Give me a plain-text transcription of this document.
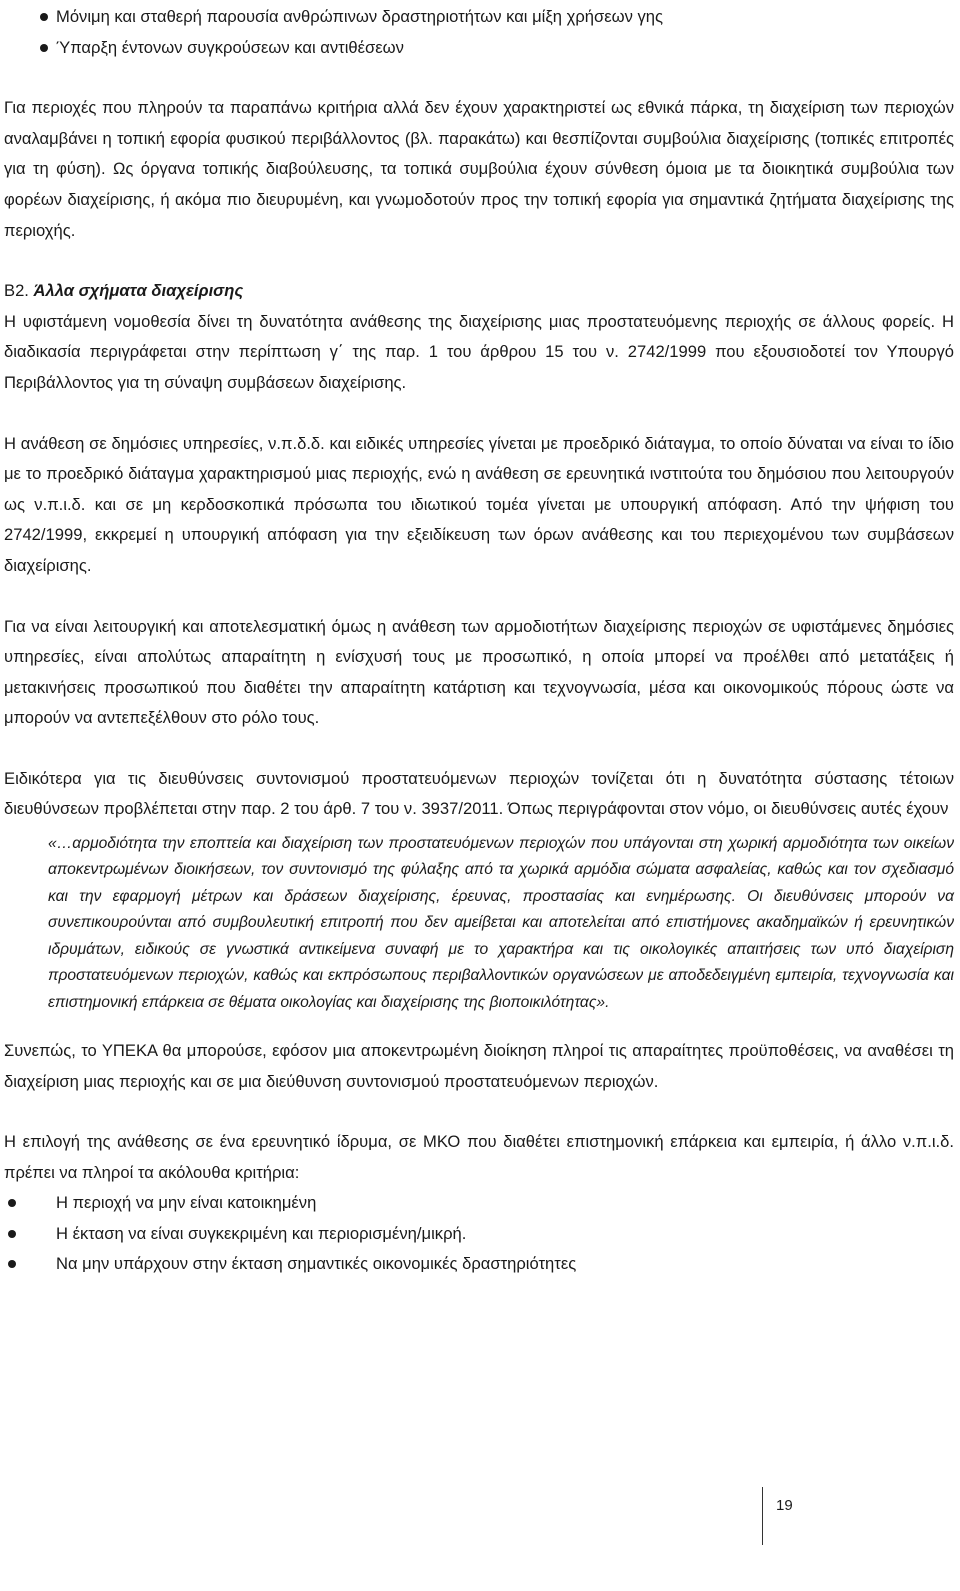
Μόνιμη και σταθερή παρουσία ανθρώπινων δραστηριοτήτων και μίξη χρήσεων γης
Ύπαρξη έντονων συγκρούσεων και αντιθέσεων

Για περιοχές που πληρούν τα παραπάνω κριτήρια αλλά δεν έχουν χαρακτηριστεί ως εθνικά πάρκα, τη διαχείριση των περιοχών αναλαμβάνει η τοπική εφορία φυσικού περιβάλλοντος (βλ. παρακάτω) και θεσπίζονται συμβούλια διαχείρισης (τοπικές επιτροπές για τη φύση). Ως όργανα τοπικής διαβούλευσης, τα τοπικά συμβούλια έχουν σύνθεση όμοια με τα διοικητικά συμβούλια των φορέων διαχείρισης, ή ακόμα πιο διευρυμένη, και γνωμοδοτούν προς την τοπική εφορία για σημαντικά ζητήματα διαχείρισης της περιοχής.

Β2. Άλλα σχήματα διαχείρισης

Η υφιστάμενη νομοθεσία δίνει τη δυνατότητα ανάθεσης της διαχείρισης μιας προστατευόμενης περιοχής σε άλλους φορείς. Η διαδικασία περιγράφεται στην περίπτωση γ΄ της παρ. 1 του άρθρου 15 του ν. 2742/1999 που εξουσιοδοτεί τον Υπουργό Περιβάλλοντος για τη σύναψη συμβάσεων διαχείρισης.

Η ανάθεση σε δημόσιες υπηρεσίες, ν.π.δ.δ. και ειδικές υπηρεσίες γίνεται με προεδρικό διάταγμα, το οποίο δύναται να είναι το ίδιο με το προεδρικό διάταγμα χαρακτηρισμού μιας περιοχής, ενώ η ανάθεση σε ερευνητικά ινστιτούτα του δημόσιου που λειτουργούν ως ν.π.ι.δ. και σε μη κερδοσκοπικά πρόσωπα του ιδιωτικού τομέα γίνεται με υπουργική απόφαση. Από την ψήφιση του 2742/1999, εκκρεμεί η υπουργική απόφαση για την εξειδίκευση των όρων ανάθεσης και του περιεχομένου των συμβάσεων διαχείρισης.

Για να είναι λειτουργική και αποτελεσματική όμως η ανάθεση των αρμοδιοτήτων διαχείρισης περιοχών σε υφιστάμενες δημόσιες υπηρεσίες, είναι απολύτως απαραίτητη η ενίσχυσή τους με προσωπικό, η οποία μπορεί να προέλθει από μετατάξεις ή μετακινήσεις προσωπικού που διαθέτει την απαραίτητη κατάρτιση και τεχνογνωσία, μέσα και οικονομικούς πόρους ώστε να μπορούν να αντεπεξέλθουν στο ρόλο τους.

Ειδικότερα για τις διευθύνσεις συντονισμού προστατευόμενων περιοχών τονίζεται ότι η δυνατότητα σύστασης τέτοιων διευθύνσεων προβλέπεται στην παρ. 2 του άρθ. 7 του ν. 3937/2011. Όπως περιγράφονται στον νόμο, οι διευθύνσεις αυτές έχουν

«…αρμοδιότητα την εποπτεία και διαχείριση των προστατευόμενων περιοχών που υπάγονται στη χωρική αρμοδιότητα των οικείων αποκεντρωμένων διοικήσεων, τον συντονισμό της φύλαξης από τα χωρικά αρμόδια σώματα ασφαλείας, καθώς και τον σχεδιασμό και την εφαρμογή μέτρων και δράσεων διαχείρισης, έρευνας, προστασίας και ενημέρωσης. Οι διευθύνσεις μπορούν να συνεπικουρούνται από συμβουλευτική επιτροπή που δεν αμείβεται και αποτελείται από επιστήμονες ακαδημαϊκών ή ερευνητικών ιδρυμάτων, ειδικούς σε γνωστικά αντικείμενα συναφή με το χαρακτήρα και τις οικολογικές απαιτήσεις των υπό διαχείριση προστατευόμενων περιοχών, καθώς και εκπρόσωπους περιβαλλοντικών οργανώσεων με αποδεδειγμένη εμπειρία, τεχνογνωσία και επιστημονική επάρκεια σε θέματα οικολογίας και διαχείρισης της βιοποικιλότητας».

Συνεπώς, το ΥΠΕΚΑ θα μπορούσε, εφόσον μια αποκεντρωμένη διοίκηση πληροί τις απαραίτητες προϋποθέσεις, να αναθέσει τη διαχείριση μιας περιοχής και σε μια διεύθυνση συντονισμού προστατευόμενων περιοχών.

Η επιλογή της ανάθεσης σε ένα ερευνητικό ίδρυμα, σε ΜΚΟ που διαθέτει επιστημονική επάρκεια και εμπειρία, ή άλλο ν.π.ι.δ. πρέπει να πληροί τα ακόλουθα κριτήρια:

Η περιοχή να μην είναι κατοικημένη
Η έκταση να είναι συγκεκριμένη και περιορισμένη/μικρή.
Να μην υπάρχουν στην έκταση σημαντικές οικονομικές δραστηριότητες
19
